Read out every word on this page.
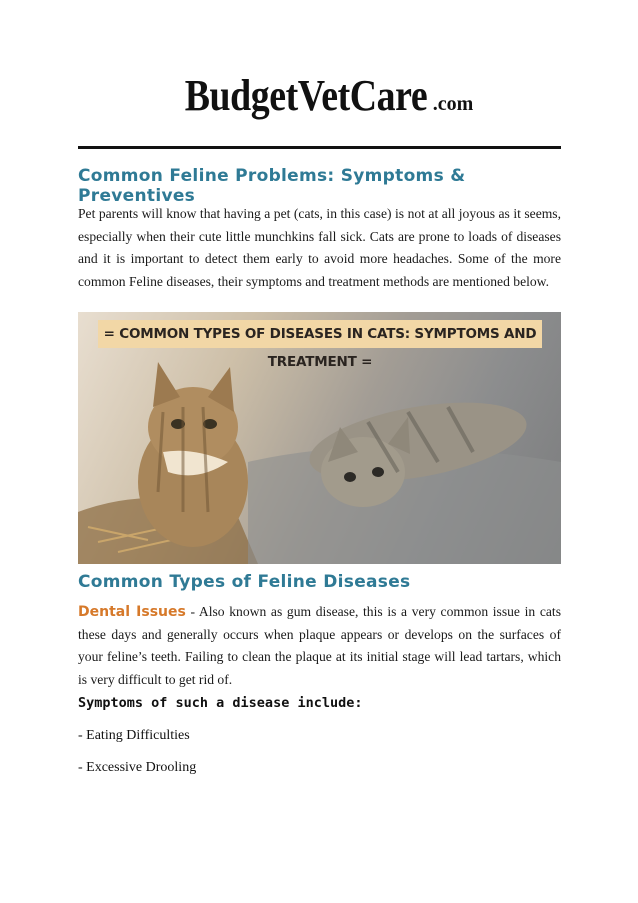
BudgetVetCare .com
Common Feline Problems: Symptoms & Preventives
Pet parents will know that having a pet (cats, in this case) is not at all joyous as it seems, especially when their cute little munchkins fall sick. Cats are prone to loads of diseases and it is important to detect them early to avoid more headaches. Some of the more common Feline diseases, their symptoms and treatment methods are mentioned below.
= COMMON TYPES OF DISEASES IN CATS: SYMPTOMS AND TREATMENT =
Common Types of Feline Diseases
Dental Issues - Also known as gum disease, this is a very common issue in cats these days and generally occurs when plaque appears or develops on the surfaces of your feline’s teeth. Failing to clean the plaque at its initial stage will lead tartars, which is very difficult to get rid of.
Symptoms of such a disease include:
- Eating Difficulties
- Excessive Drooling
